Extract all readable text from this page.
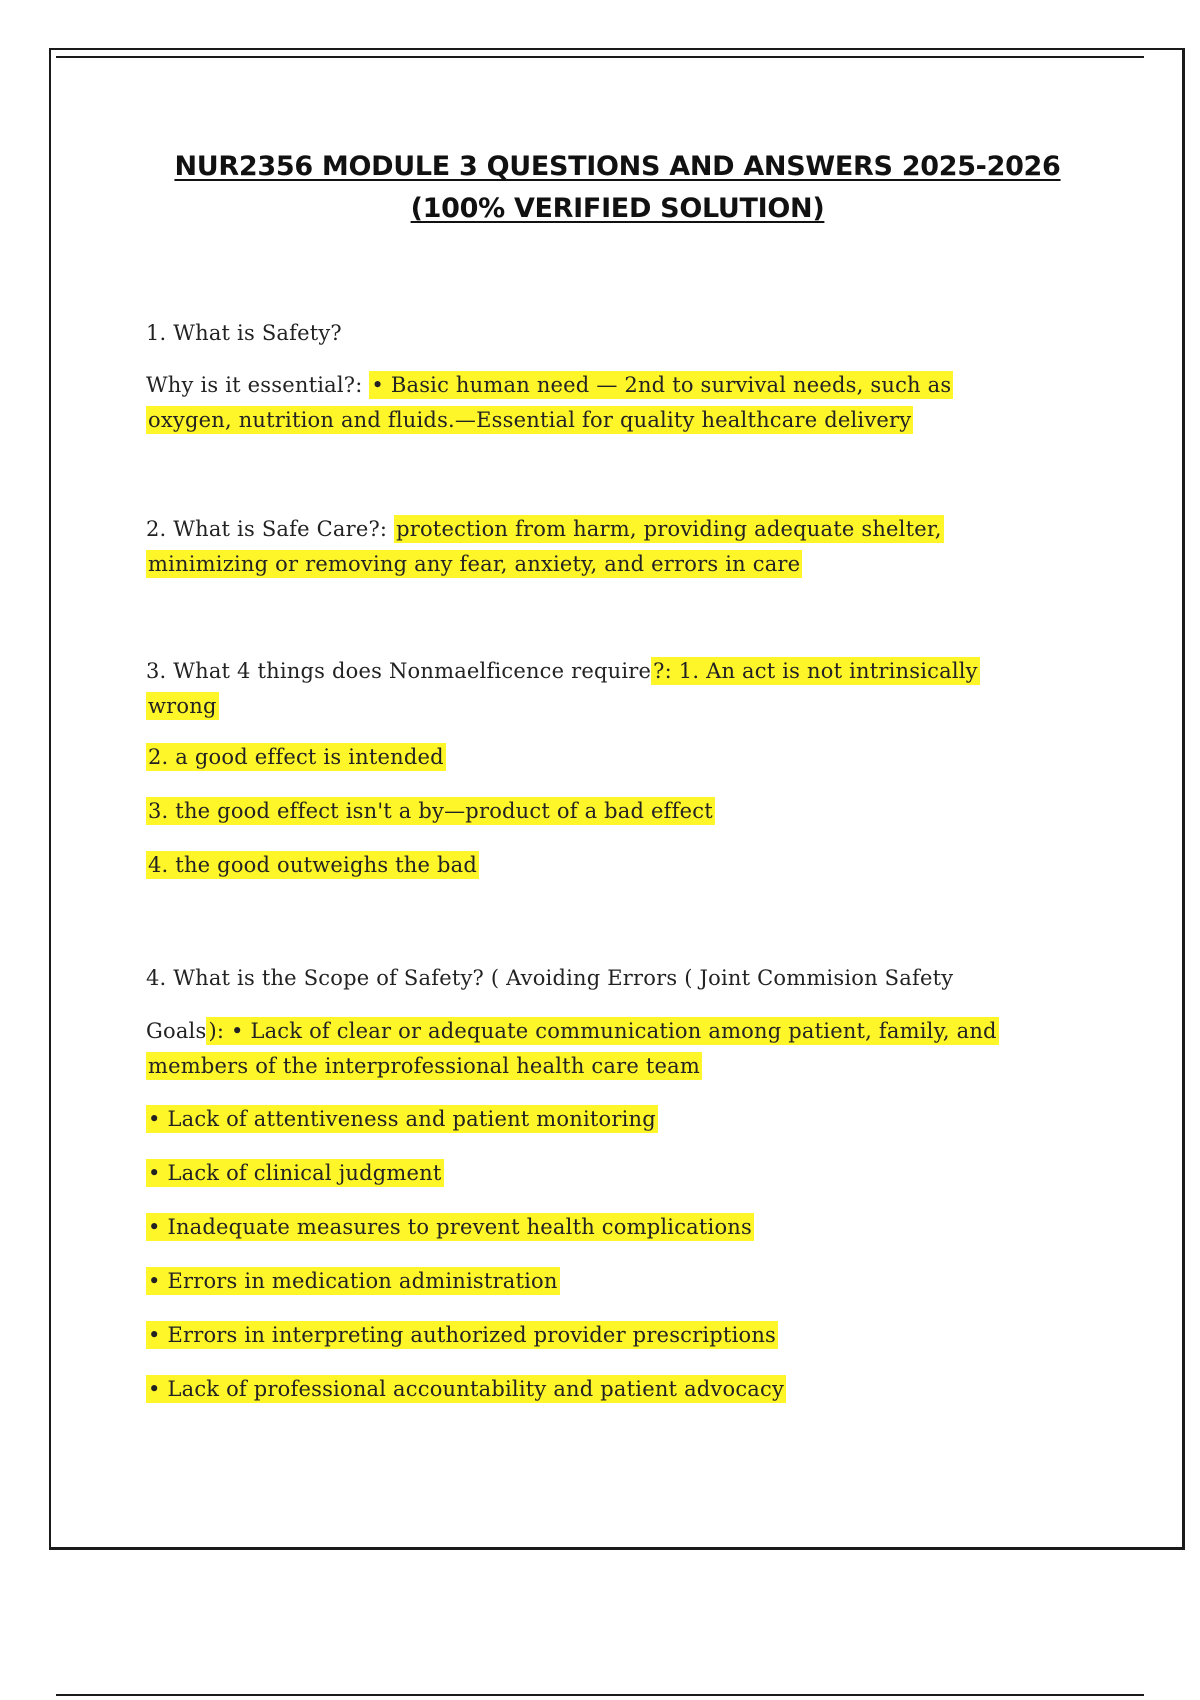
NUR2356 MODULE 3 QUESTIONS AND ANSWERS 2025-2026
(100% VERIFIED SOLUTION)

1. What is Safety?

Why is it essential?: • Basic human need — 2nd to survival needs, such as oxygen, nutrition and fluids.—Essential for quality healthcare delivery

2. What is Safe Care?: protection from harm, providing adequate shelter, minimizing or removing any fear, anxiety, and errors in care

3. What 4 things does Nonmaelficence require?: 1. An act is not intrinsically wrong

2. a good effect is intended

3. the good effect isn't a by—product of a bad effect

4. the good outweighs the bad

4. What is the Scope of Safety? ( Avoiding Errors ( Joint Commision Safety

Goals): • Lack of clear or adequate communication among patient, family, and members of the interprofessional health care team

• Lack of attentiveness and patient monitoring

• Lack of clinical judgment

• Inadequate measures to prevent health complications

• Errors in medication administration

• Errors in interpreting authorized provider prescriptions

• Lack of professional accountability and patient advocacy
